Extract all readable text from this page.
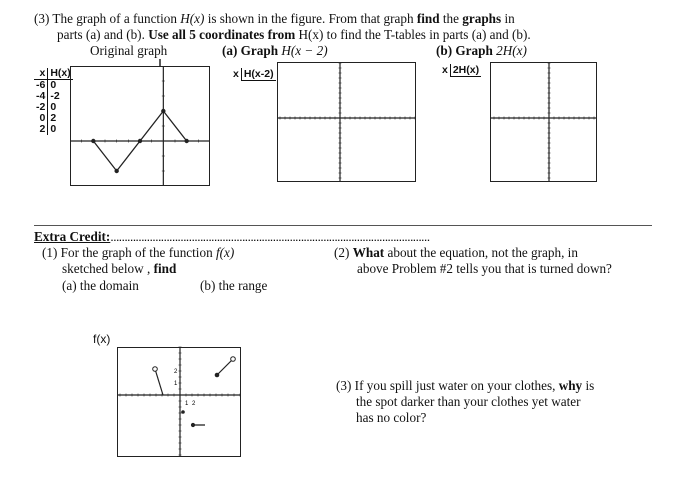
(3) The graph of a function H(x) is shown in the figure. From that graph find the graphs in
parts (a) and (b). Use all 5 coordinates from H(x) to find the T-tables in parts (a) and (b).
Original graph	(a) Graph H(x − 2)	(b) Graph 2H(x)
x	H(x)
-6	0
-4	-2
-2	0
0	2
2	0
x	H(x-2)	x	2H(x)
Extra Credit:……………………………………………………………………………………………………
(1) For the graph of the function f(x)
sketched below , find
(a) the domain	(b) the range
(2) What about the equation, not the graph, in
above Problem #2 tells you that is turned down?
f(x)
(3) If you spill just water on your clothes, why is
the spot darker than your clothes yet water
has no color?
2
1
1 2
